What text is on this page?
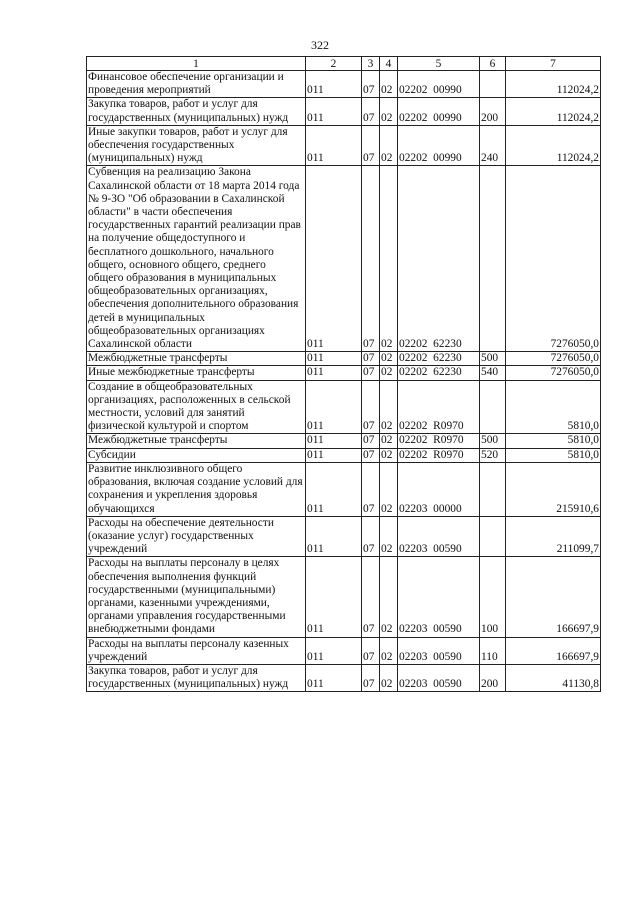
322
1	2	3	4	5	6	7
Финансовое обеспечение организации и проведения мероприятий	011	07	02	02202  00990		112024,2
Закупка товаров, работ и услуг для государственных (муниципальных) нужд	011	07	02	02202  00990	200	112024,2
Иные закупки товаров, работ и услуг для обеспечения государственных (муниципальных) нужд	011	07	02	02202  00990	240	112024,2
Субвенция на реализацию Закона Сахалинской области от 18 марта 2014 года № 9-ЗО "Об образовании в Сахалинской области" в части обеспечения государственных гарантий реализации прав на получение общедоступного и бесплатного дошкольного, начального общего, основного общего, среднего общего образования в муниципальных общеобразовательных организациях, обеспечения дополнительного образования детей в муниципальных общеобразовательных организациях Сахалинской области	011	07	02	02202  62230		7276050,0
Межбюджетные трансферты	011	07	02	02202  62230	500	7276050,0
Иные межбюджетные трансферты	011	07	02	02202  62230	540	7276050,0
Создание в общеобразовательных организациях, расположенных в сельской местности, условий для занятий физической культурой и спортом	011	07	02	02202  R0970		5810,0
Межбюджетные трансферты	011	07	02	02202  R0970	500	5810,0
Субсидии	011	07	02	02202  R0970	520	5810,0
Развитие инклюзивного общего образования, включая создание условий для сохранения и укрепления здоровья обучающихся	011	07	02	02203  00000		215910,6
Расходы на обеспечение деятельности (оказание услуг) государственных учреждений	011	07	02	02203  00590		211099,7
Расходы на выплаты персоналу в целях обеспечения выполнения функций государственными (муниципальными) органами, казенными учреждениями, органами управления государственными внебюджетными фондами	011	07	02	02203  00590	100	166697,9
Расходы на выплаты персоналу казенных учреждений	011	07	02	02203  00590	110	166697,9
Закупка товаров, работ и услуг для государственных (муниципальных) нужд	011	07	02	02203  00590	200	41130,8
